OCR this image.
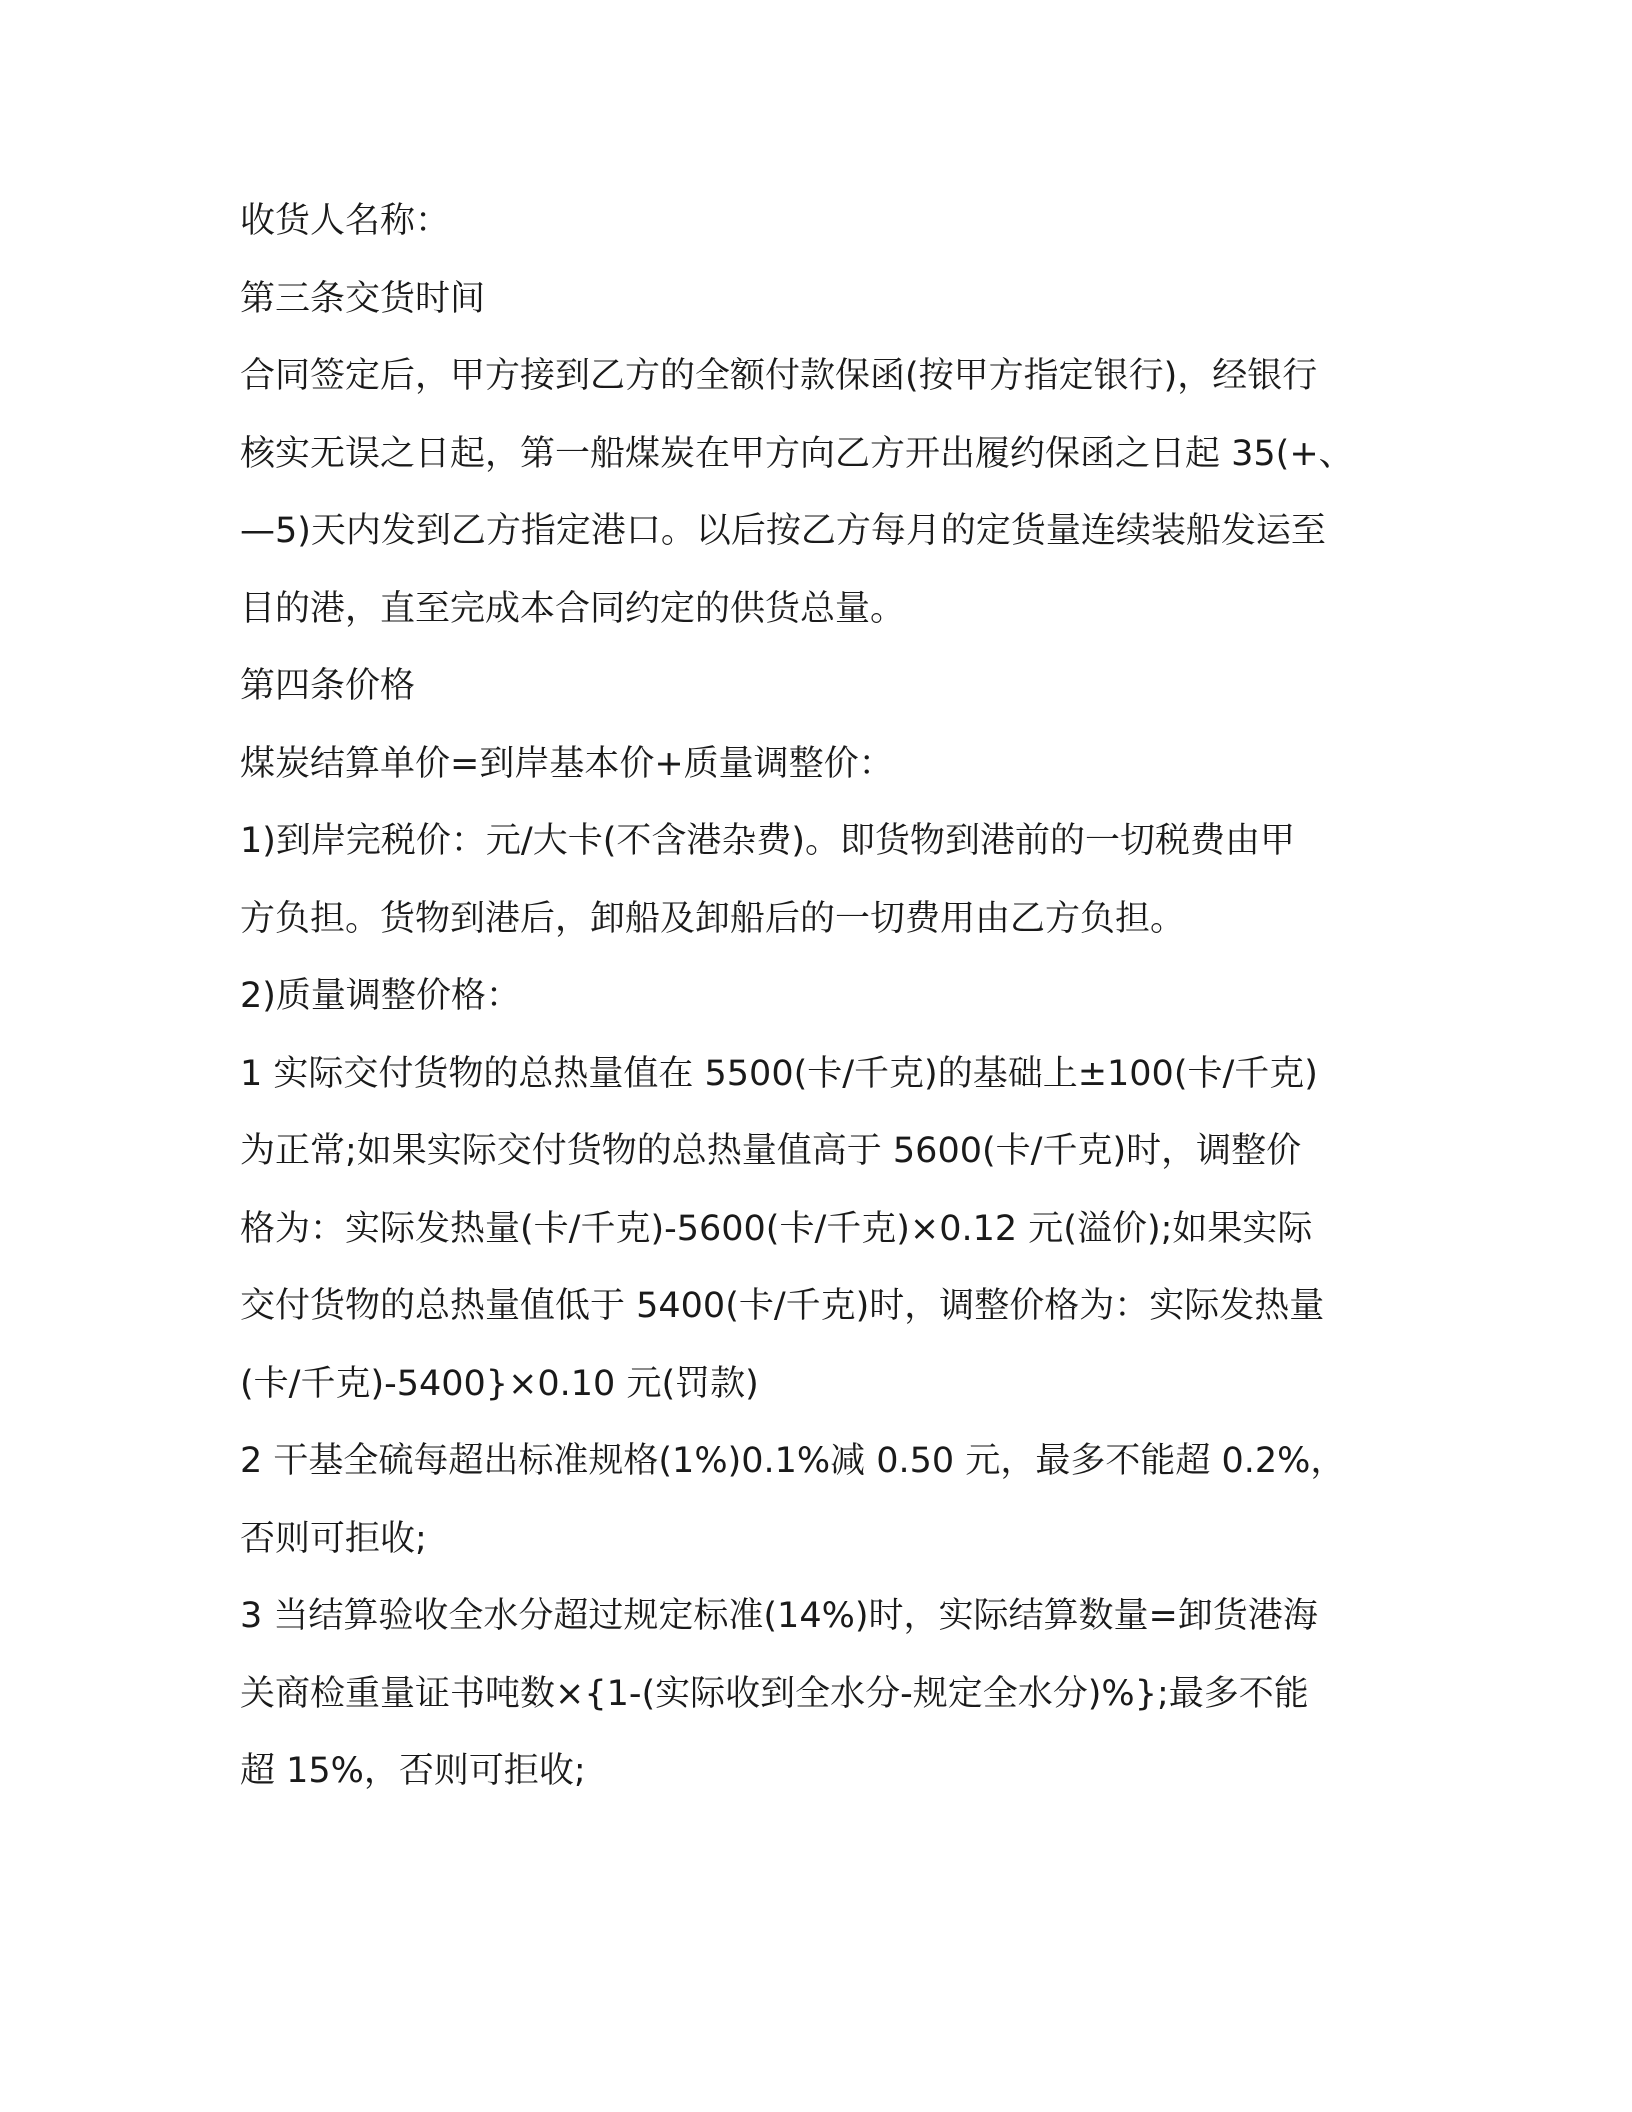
收货人名称：
第三条交货时间
合同签定后，甲方接到乙方的全额付款保函(按甲方指定银行)，经银行
核实无误之日起，第一船煤炭在甲方向乙方开出履约保函之日起 35(+、
—5)天内发到乙方指定港口。以后按乙方每月的定货量连续装船发运至
目的港，直至完成本合同约定的供货总量。
第四条价格
煤炭结算单价=到岸基本价+质量调整价：
1)到岸完税价：元/大卡(不含港杂费)。即货物到港前的一切税费由甲
方负担。货物到港后，卸船及卸船后的一切费用由乙方负担。
2)质量调整价格：
1 实际交付货物的总热量值在 5500(卡/千克)的基础上±100(卡/千克)
为正常;如果实际交付货物的总热量值高于 5600(卡/千克)时，调整价
格为：实际发热量(卡/千克)-5600(卡/千克)×0.12 元(溢价);如果实际
交付货物的总热量值低于 5400(卡/千克)时，调整价格为：实际发热量
(卡/千克)-5400}×0.10 元(罚款)
2 干基全硫每超出标准规格(1%)0.1%减 0.50 元，最多不能超 0.2%，
否则可拒收;
3 当结算验收全水分超过规定标准(14%)时，实际结算数量=卸货港海
关商检重量证书吨数×{1-(实际收到全水分-规定全水分)%};最多不能
超 15%，否则可拒收;
